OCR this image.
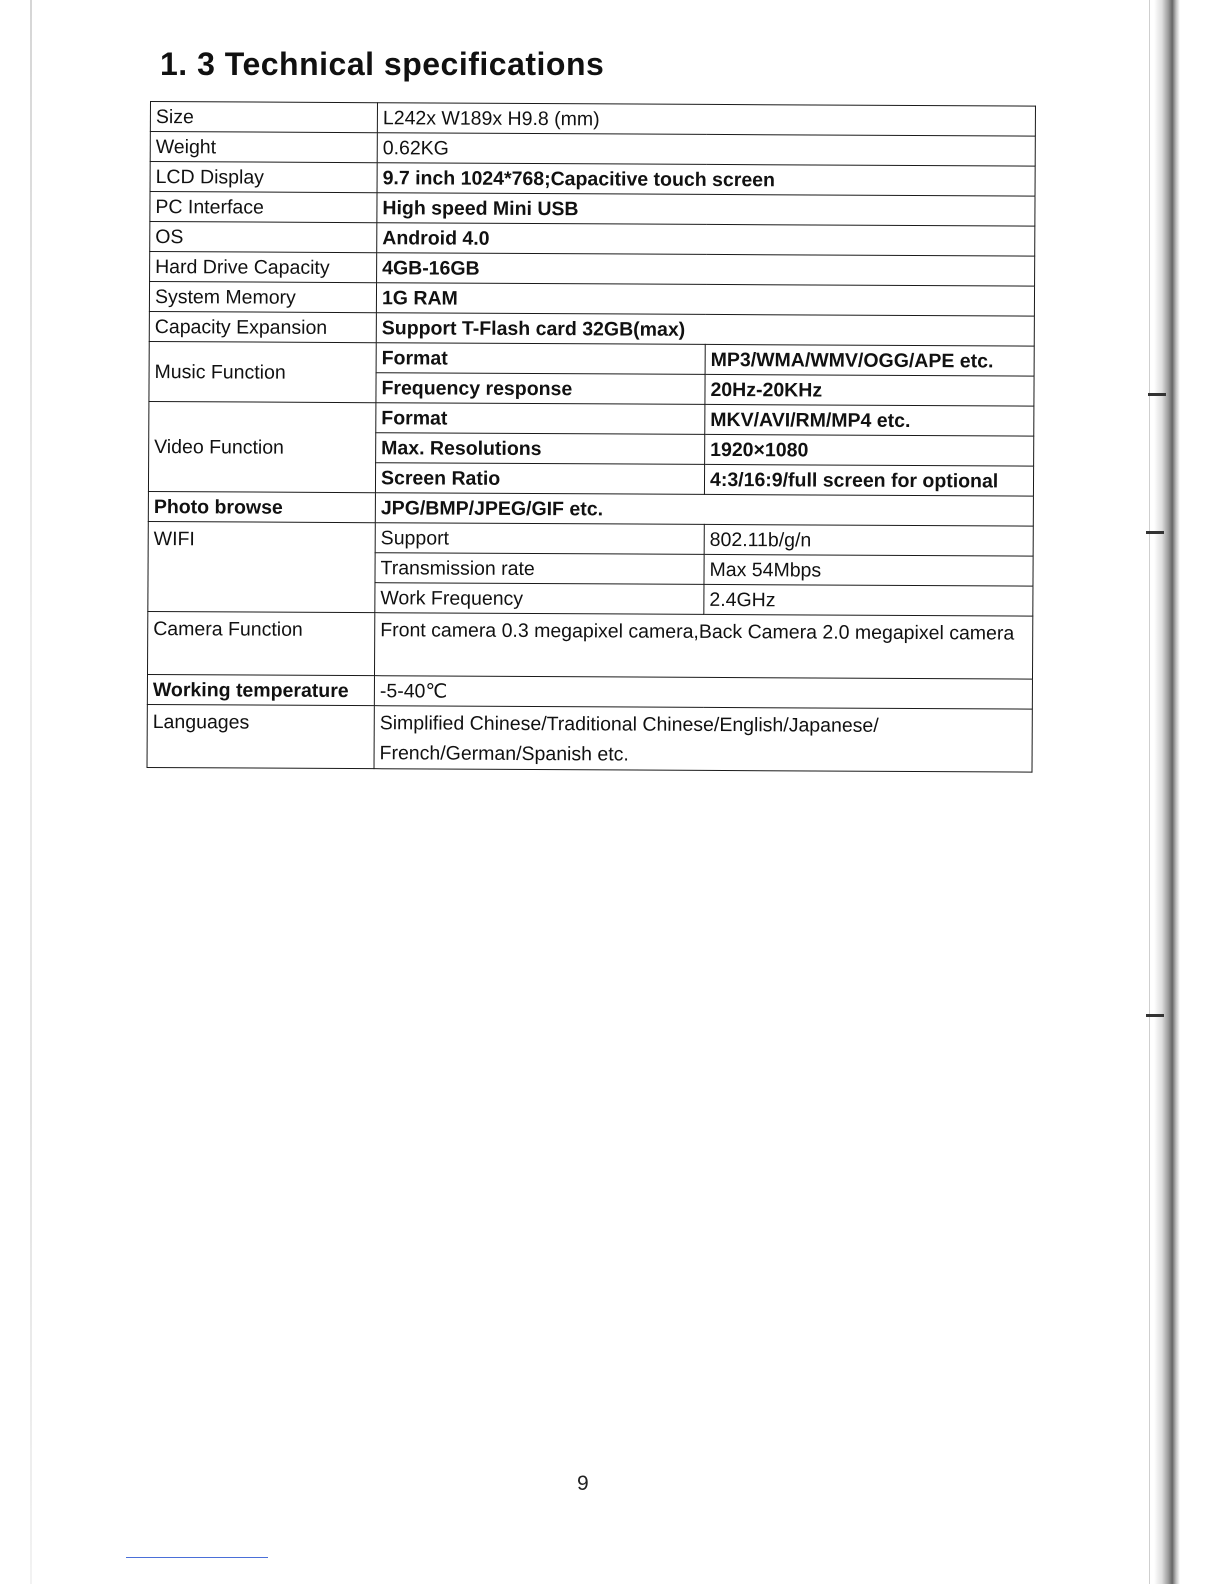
1. 3 Technical specifications
Size	L242x W189x H9.8 (mm)	
Weight	0.62KG	
LCD Display	9.7 inch 1024*768;Capacitive touch screen	
PC Interface	High speed Mini USB	
OS	Android 4.0	
Hard Drive Capacity	4GB-16GB	
System Memory	1G RAM	
Capacity Expansion	Support T-Flash card 32GB(max)	
Music Function	Format	MP3/WMA/WMV/OGG/APE etc.
	Frequency response	20Hz-20KHz
Video Function	Format	MKV/AVI/RM/MP4 etc.
	Max. Resolutions	1920×1080
	Screen Ratio	4:3/16:9/full screen for optional
Photo browse	JPG/BMP/JPEG/GIF etc.	
WIFI	Support	802.11b/g/n
	Transmission rate	Max 54Mbps
	Work Frequency	2.4GHz
Camera Function	Front camera 0.3 megapixel camera,Back Camera 2.0 megapixel camera	
Working temperature	-5-40℃	
Languages	Simplified Chinese/Traditional Chinese/English/Japanese/ French/German/Spanish etc.	
9
